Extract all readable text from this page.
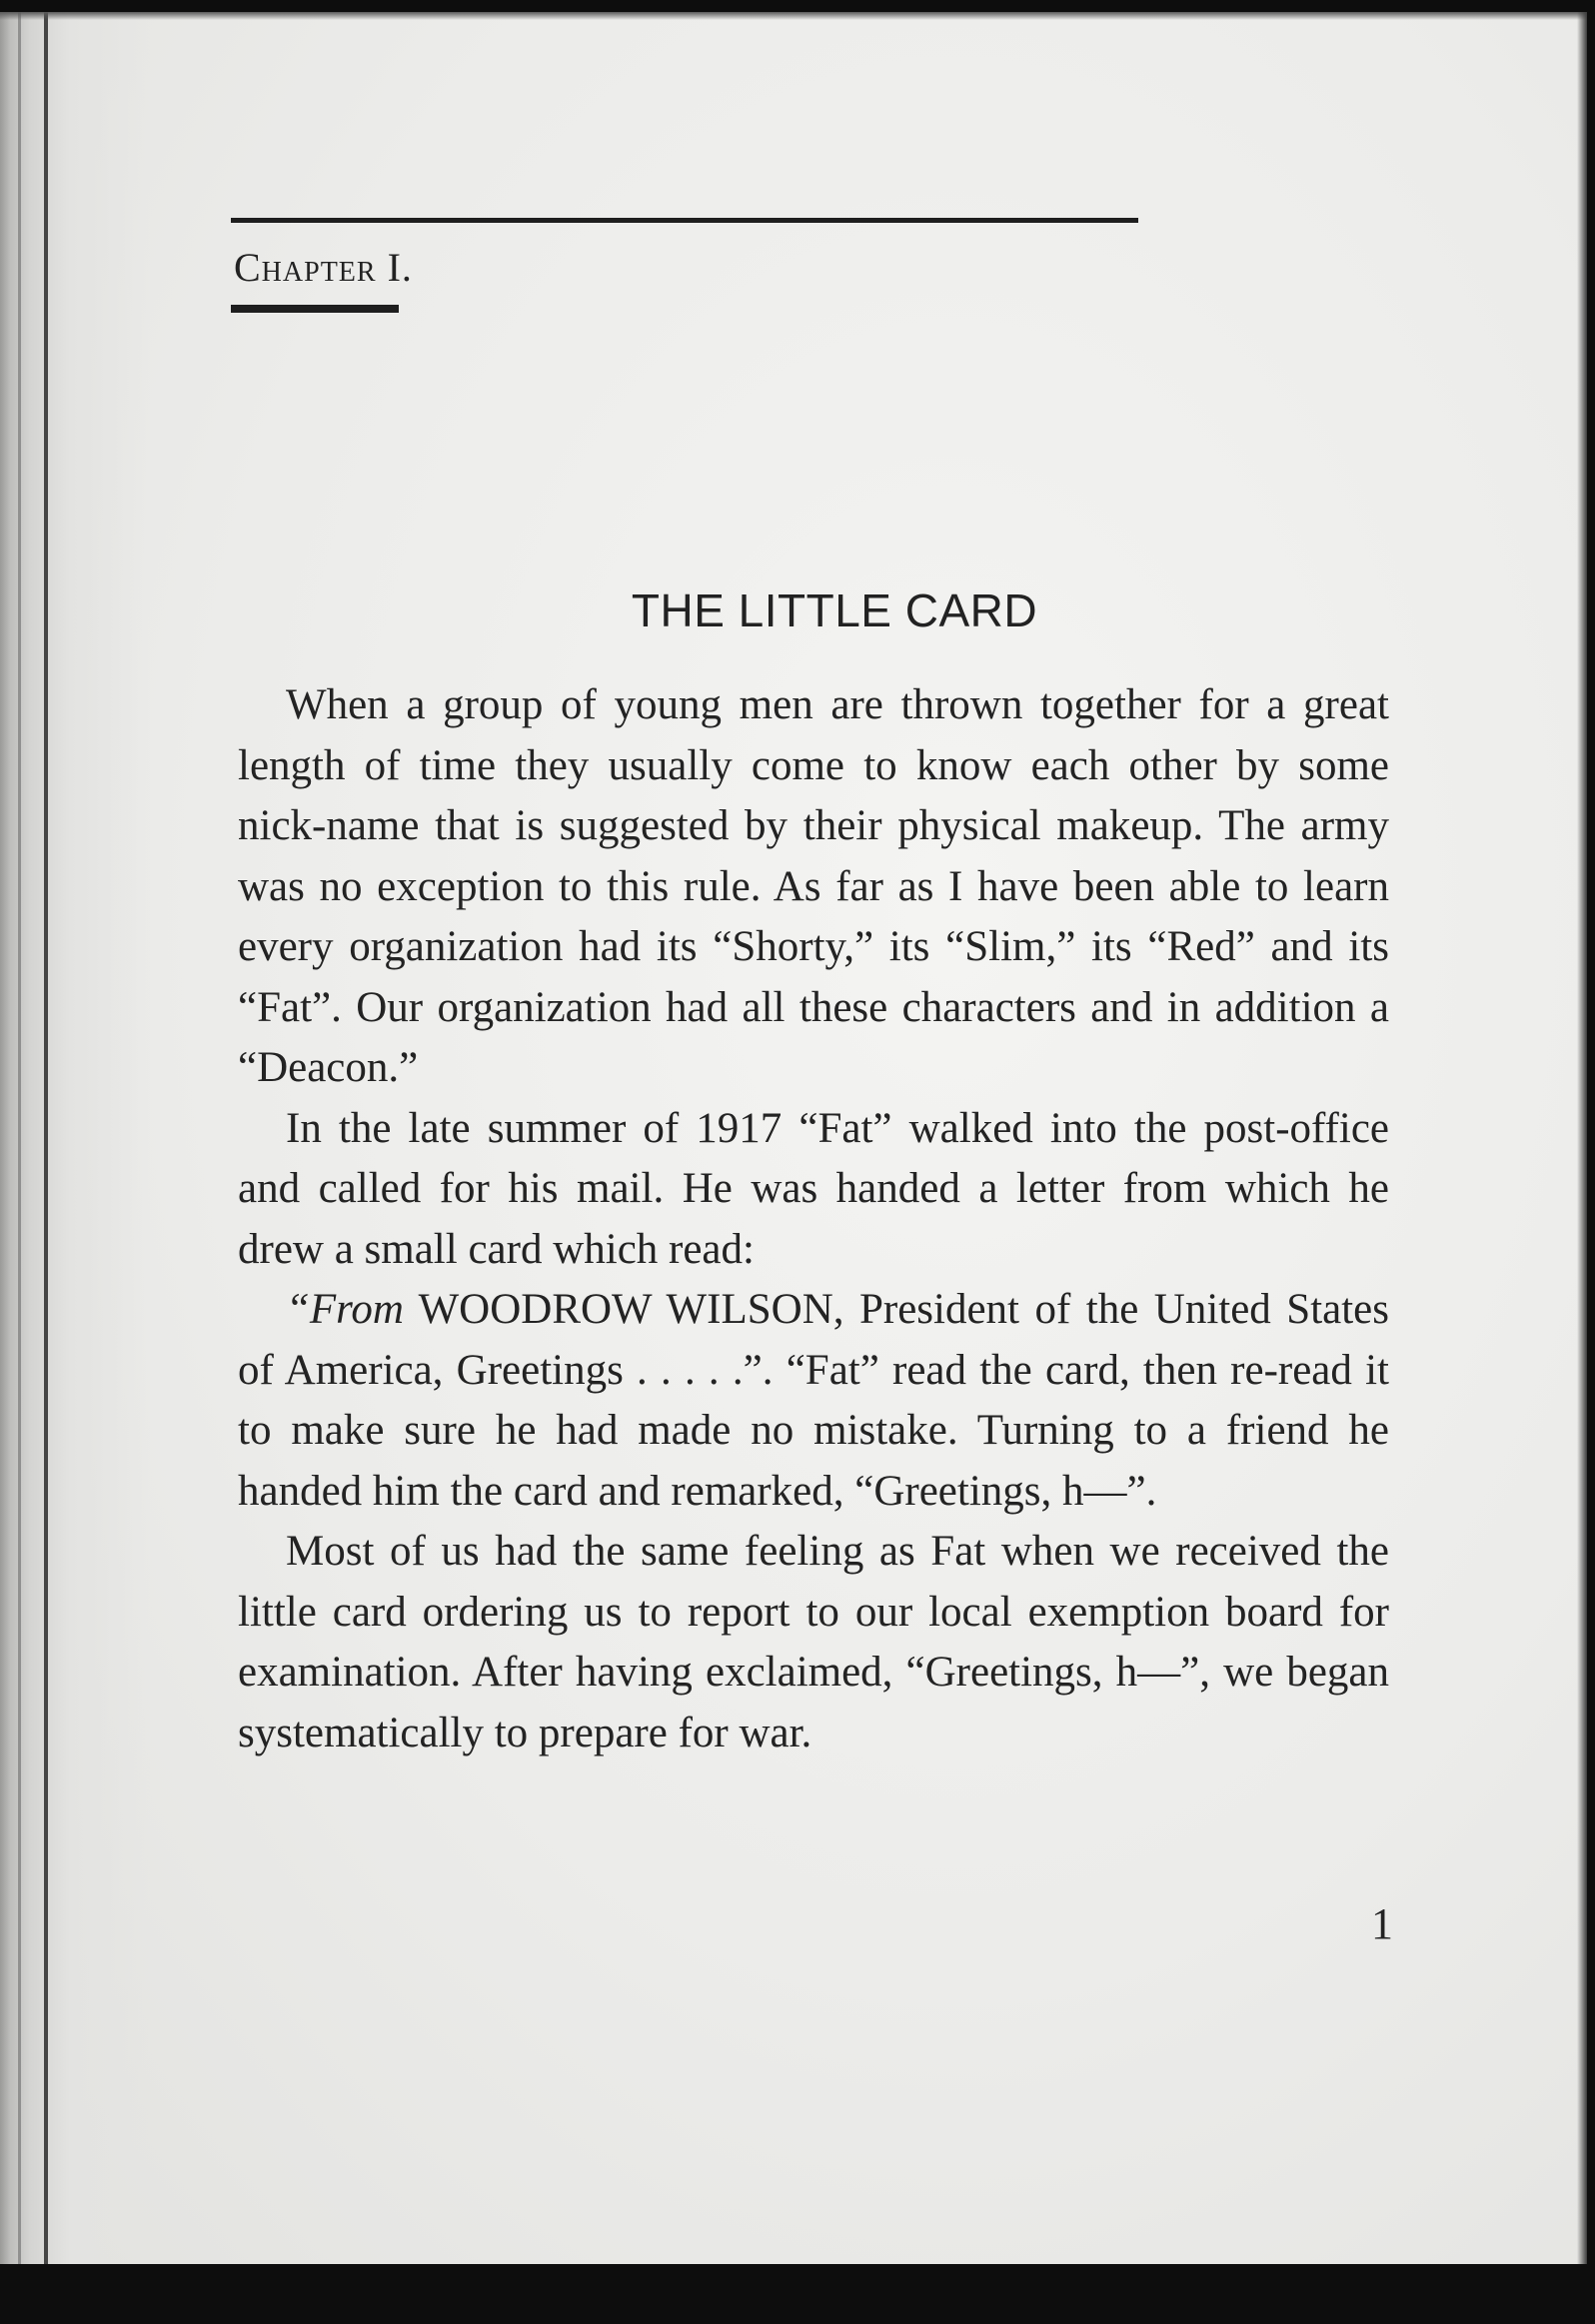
Chapter I.
THE LITTLE CARD

When a group of young men are thrown together for a great length of time they usually come to know each other by some nick-name that is suggested by their physical makeup. The army was no exception to this rule. As far as I have been able to learn every organization had its “Shorty,” its “Slim,” its “Red” and its “Fat”. Our organization had all these characters and in addition a “Deacon.”

In the late summer of 1917 “Fat” walked into the post-office and called for his mail. He was handed a letter from which he drew a small card which read:

“From WOODROW WILSON, President of the United States of America, Greetings . . . . .”. “Fat” read the card, then re-read it to make sure he had made no mistake. Turning to a friend he handed him the card and remarked, “Greetings, h—”.

Most of us had the same feeling as Fat when we received the little card ordering us to report to our local exemption board for examination. After having exclaimed, “Greetings, h—”, we began systematically to prepare for war.

1
